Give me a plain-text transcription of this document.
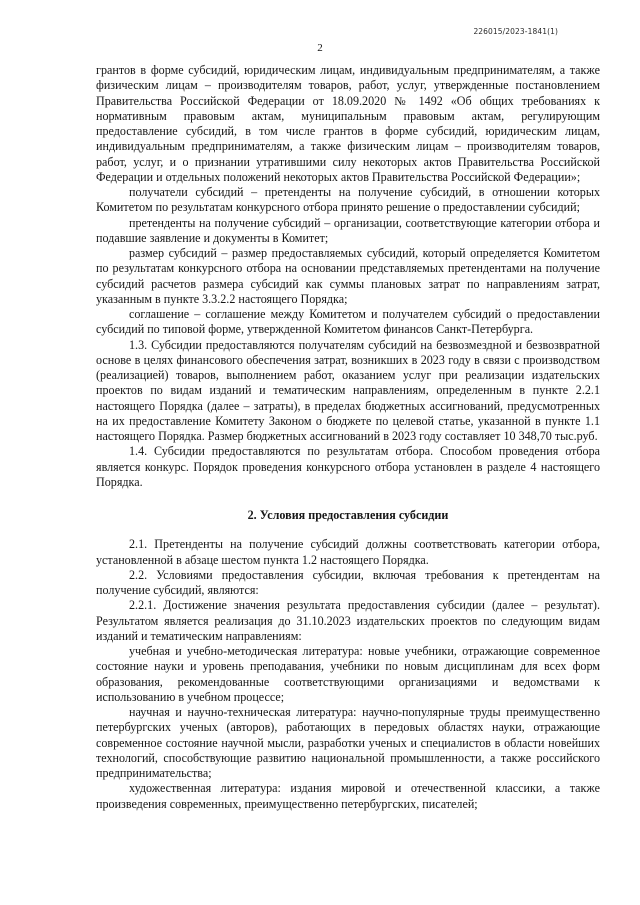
226015/2023-1841(1)
2

грантов в форме субсидий, юридическим лицам, индивидуальным предпринимателям, а также физическим лицам – производителям товаров, работ, услуг, утвержденные постановлением Правительства Российской Федерации от 18.09.2020 № 1492 «Об общих требованиях к нормативным правовым актам, муниципальным правовым актам, регулирующим предоставление субсидий, в том числе грантов в форме субсидий, юридическим лицам, индивидуальным предпринимателям, а также физическим лицам – производителям товаров, работ, услуг, и о признании утратившими силу некоторых актов Правительства Российской Федерации и отдельных положений некоторых актов Правительства Российской Федерации»;

получатели субсидий – претенденты на получение субсидий, в отношении которых Комитетом по результатам конкурсного отбора принято решение о предоставлении субсидий;

претенденты на получение субсидий – организации, соответствующие категории отбора и подавшие заявление и документы в Комитет;

размер субсидий – размер предоставляемых субсидий, который определяется Комитетом по результатам конкурсного отбора на основании представляемых претендентами на получение субсидий расчетов размера субсидий как суммы плановых затрат по направлениям затрат, указанным в пункте 3.3.2.2 настоящего Порядка;

соглашение – соглашение между Комитетом и получателем субсидий о предоставлении субсидий по типовой форме, утвержденной Комитетом финансов Санкт-Петербурга.

1.3. Субсидии предоставляются получателям субсидий на безвозмездной и безвозвратной основе в целях финансового обеспечения затрат, возникших в 2023 году в связи с производством (реализацией) товаров, выполнением работ, оказанием услуг при реализации издательских проектов по видам изданий и тематическим направлениям, определенным в пункте 2.2.1 настоящего Порядка (далее – затраты), в пределах бюджетных ассигнований, предусмотренных на их предоставление Комитету Законом о бюджете по целевой статье, указанной в пункте 1.1 настоящего Порядка. Размер бюджетных ассигнований в 2023 году составляет 10 348,70 тыс.руб.

1.4. Субсидии предоставляются по результатам отбора. Способом проведения отбора является конкурс. Порядок проведения конкурсного отбора установлен в разделе 4 настоящего Порядка.

2. Условия предоставления субсидии

2.1. Претенденты на получение субсидий должны соответствовать категории отбора, установленной в абзаце шестом пункта 1.2 настоящего Порядка.

2.2. Условиями предоставления субсидии, включая требования к претендентам на получение субсидий, являются:

2.2.1. Достижение значения результата предоставления субсидии (далее – результат). Результатом является реализация до 31.10.2023 издательских проектов по следующим видам изданий и тематическим направлениям:

учебная и учебно-методическая литература: новые учебники, отражающие современное состояние науки и уровень преподавания, учебники по новым дисциплинам для всех форм образования, рекомендованные соответствующими организациями и ведомствами к использованию в учебном процессе;

научная и научно-техническая литература: научно-популярные труды преимущественно петербургских ученых (авторов), работающих в передовых областях науки, отражающие современное состояние научной мысли, разработки ученых и специалистов в области новейших технологий, способствующие развитию национальной промышленности, а также российского предпринимательства;

художественная литература: издания мировой и отечественной классики, а также произведения современных, преимущественно петербургских, писателей;
